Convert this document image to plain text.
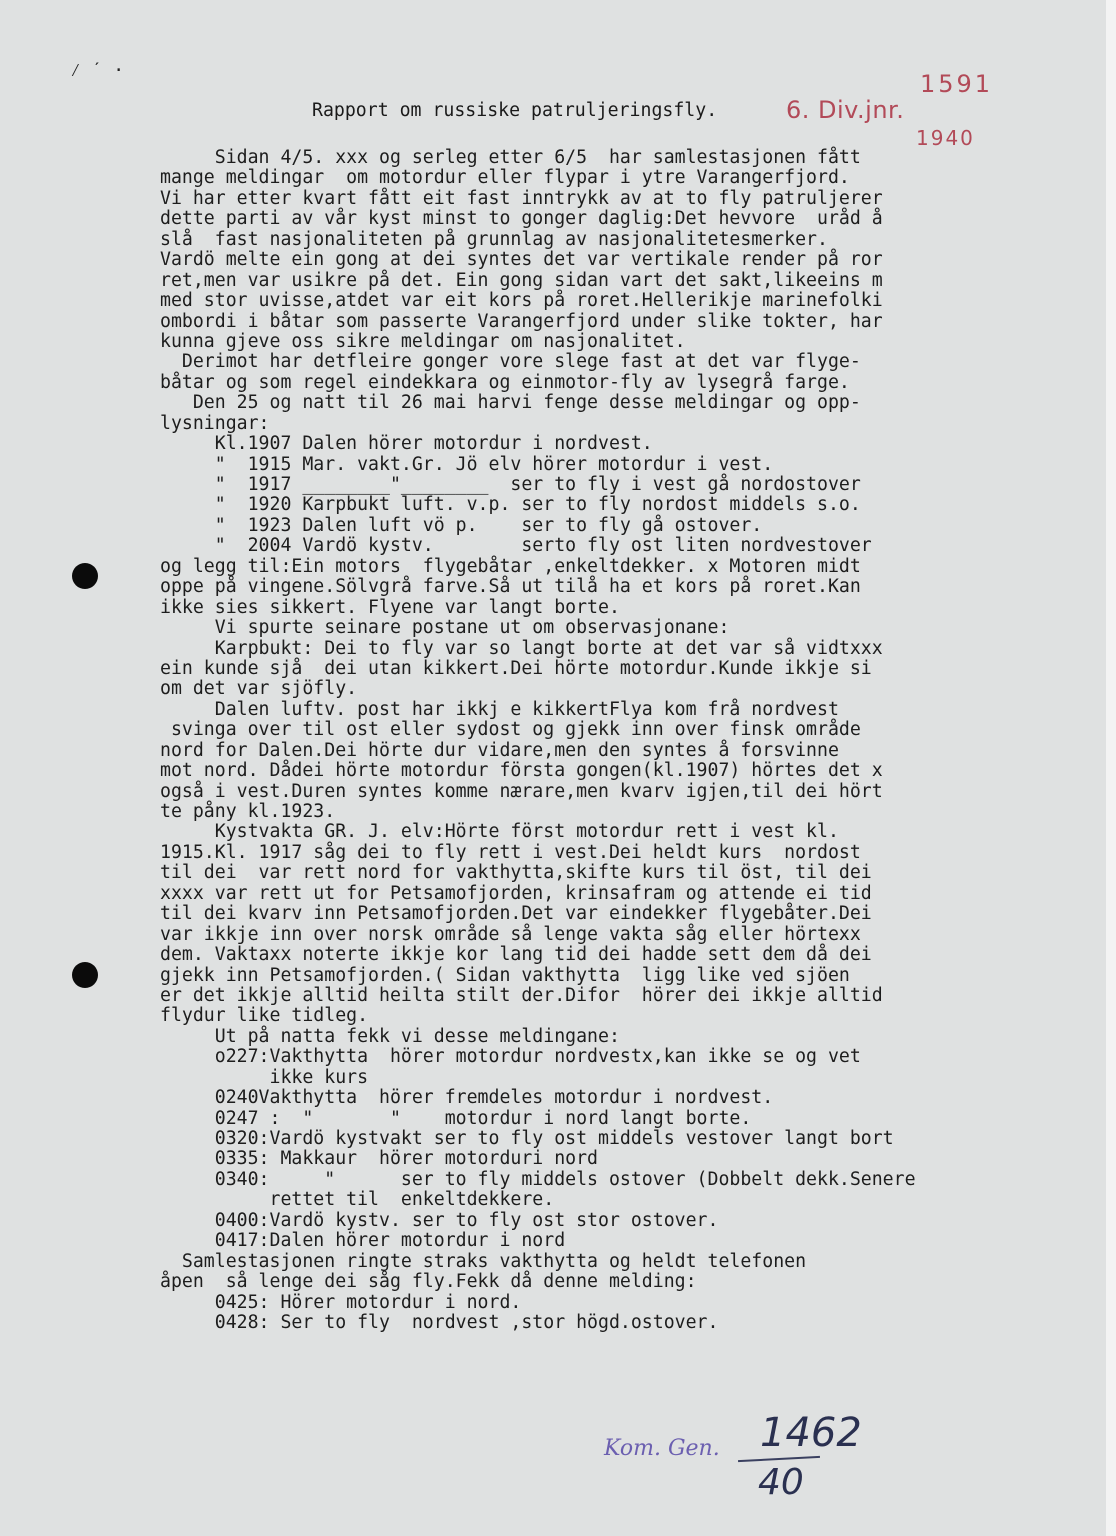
⁄ ˊ ·
6. Div.jnr.
1591
1940
Rapport om russiske patruljeringsfly.
Sidan 4/5. xxx og serleg etter 6/5  har samlestasjonen fått
mange meldingar  om motordur eller flypar i ytre Varangerfjord.
Vi har etter kvart fått eit fast inntrykk av at to fly patruljerer
dette parti av vår kyst minst to gonger daglig:Det hevvore  uråd å
slå  fast nasjonaliteten på grunnlag av nasjonalitetesmerker.
Vardö melte ein gong at dei syntes det var vertikale render på ror
ret,men var usikre på det. Ein gong sidan vart det sakt,likeeins m
med stor uvisse,atdet var eit kors på roret.Hellerikje marinefolki
ombordi i båtar som passerte Varangerfjord under slike tokter, har
kunna gjeve oss sikre meldingar om nasjonalitet.
Derimot har detfleire gonger vore slege fast at det var flyge-
båtar og som regel eindekkara og einmotor-fly av lysegrå farge.
Den 25 og natt til 26 mai harvi fenge desse meldingar og opp-
lysningar:
Kl.1907 Dalen hörer motordur i nordvest.
"  1915 Mar. vakt.Gr. Jö elv hörer motordur i vest.
"  1917 ________"________  ser to fly i vest gå nordostover
"  1920 Karpbukt luft. v.p. ser to fly nordost middels s.o.
"  1923 Dalen luft vö p.    ser to fly gå ostover.
"  2004 Vardö kystv.        serto fly ost liten nordvestover
og legg til:Ein motors  flygebåtar ,enkeltdekker. x Motoren midt
oppe på vingene.Sölvgrå farve.Så ut tilå ha et kors på roret.Kan
ikke sies sikkert. Flyene var langt borte.
Vi spurte seinare postane ut om observasjonane:
Karpbukt: Dei to fly var so langt borte at det var så vidtxxx
ein kunde sjå  dei utan kikkert.Dei hörte motordur.Kunde ikkje si
om det var sjöfly.
Dalen luftv. post har ikkj e kikkertFlya kom frå nordvest
svinga over til ost eller sydost og gjekk inn over finsk område
nord for Dalen.Dei hörte dur vidare,men den syntes å forsvinne
mot nord. Dådei hörte motordur första gongen(kl.1907) hörtes det x
også i vest.Duren syntes komme nærare,men kvarv igjen,til dei hört
te påny kl.1923.
Kystvakta GR. J. elv:Hörte först motordur rett i vest kl.
1915.Kl. 1917 såg dei to fly rett i vest.Dei heldt kurs  nordost
til dei  var rett nord for vakthytta,skifte kurs til öst, til dei
xxxx var rett ut for Petsamofjorden, krinsafram og attende ei tid
til dei kvarv inn Petsamofjorden.Det var eindekker flygebåter.Dei
var ikkje inn over norsk område så lenge vakta såg eller hörtexx
dem. Vaktaxx noterte ikkje kor lang tid dei hadde sett dem då dei
gjekk inn Petsamofjorden.( Sidan vakthytta  ligg like ved sjöen
er det ikkje alltid heilta stilt der.Difor  hörer dei ikkje alltid
flydur like tidleg.
Ut på natta fekk vi desse meldingane:
o227:Vakthytta  hörer motordur nordvestx,kan ikke se og vet
ikke kurs
0240Vakthytta  hörer fremdeles motordur i nordvest.
0247 :  "       "    motordur i nord langt borte.
0320:Vardö kystvakt ser to fly ost middels vestover langt bort
0335: Makkaur  hörer motorduri nord
0340:     "      ser to fly middels ostover (Dobbelt dekk.Senere
rettet til  enkeltdekkere.
0400:Vardö kystv. ser to fly ost stor ostover.
0417:Dalen hörer motordur i nord
Samlestasjonen ringte straks vakthytta og heldt telefonen
åpen  så lenge dei såg fly.Fekk då denne melding:
0425: Hörer motordur i nord.
0428: Ser to fly  nordvest ,stor högd.ostover.
Kom. Gen. 1462
40
